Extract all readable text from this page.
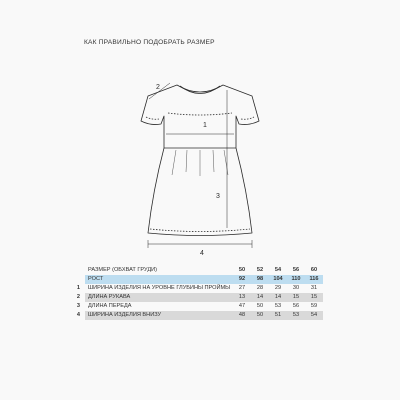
КАК ПРАВИЛЬНО ПОДОБРАТЬ РАЗМЕР
1
2
3
4
	РАЗМЕР (ОБХВАТ ГРУДИ)	50	52	54	56	60
	РОСТ	92	98	104	110	116
1	ШИРИНА ИЗДЕЛИЯ НА УРОВНЕ ГЛУБИНЫ ПРОЙМЫ	27	28	29	30	31
2	ДЛИНА РУКАВА	13	14	14	15	15
3	ДЛИНА ПЕРЕДА	47	50	53	56	59
4	ШИРИНА ИЗДЕЛИЯ ВНИЗУ	48	50	51	53	54
